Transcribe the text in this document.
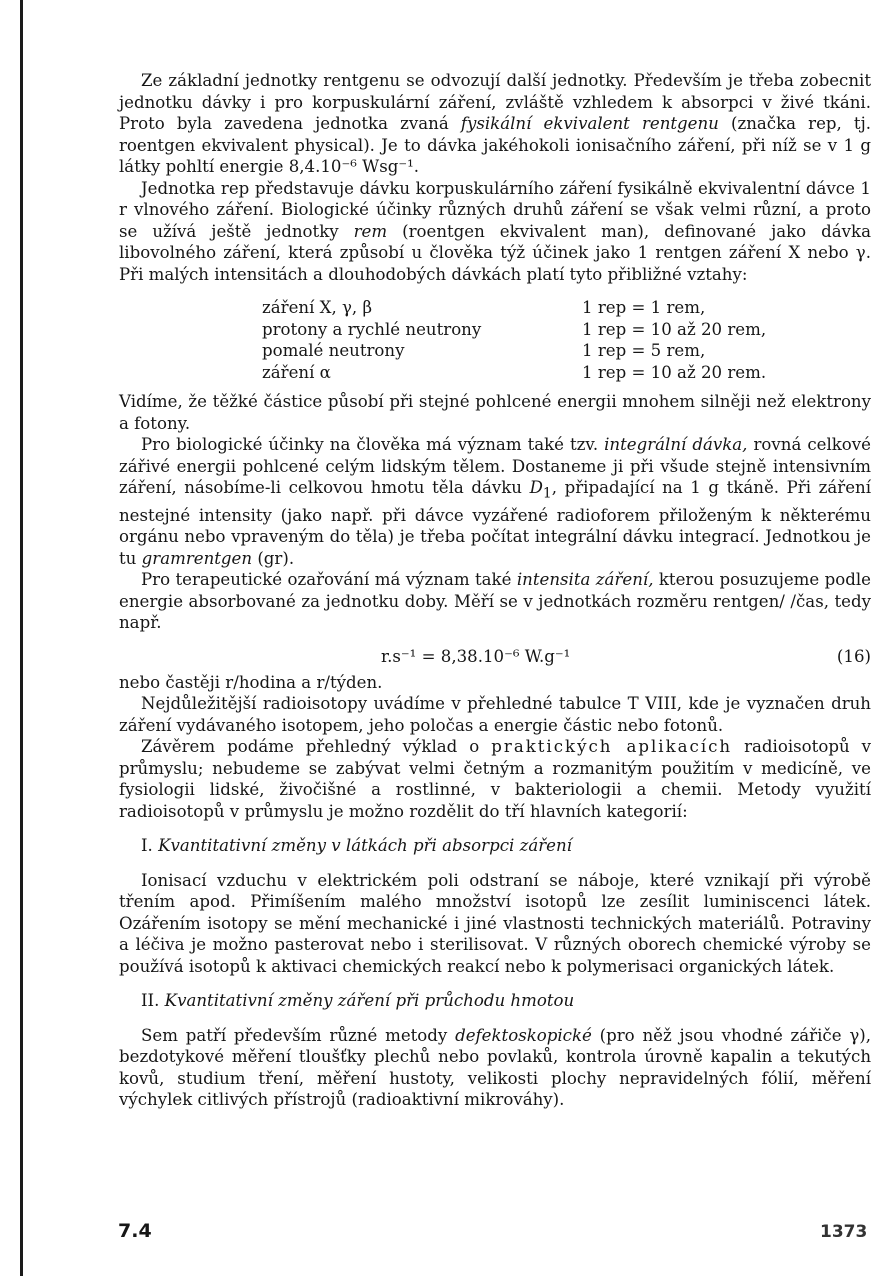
Ze základní jednotky rentgenu se odvozují další jednotky. Především je třeba zobecnit jednotku dávky i pro korpuskulární záření, zvláště vzhledem k absorpci v živé tkáni. Proto byla zavedena jednotka zvaná fysikální ekvivalent rentgenu (značka rep, tj. roentgen ekvivalent physical). Je to dávka jakéhokoli ionisačního záření, při níž se v 1 g látky pohltí energie 8,4.10⁻⁶ Wsg⁻¹.

Jednotka rep představuje dávku korpuskulárního záření fysikálně ekvivalentní dávce 1 r vlnového záření. Biologické účinky různých druhů záření se však velmi různí, a proto se užívá ještě jednotky rem (roentgen ekvivalent man), definované jako dávka libovolného záření, která způsobí u člověka týž účinek jako 1 rentgen záření X nebo γ. Při malých intensitách a dlouhodobých dávkách platí tyto přibližné vztahy:

záření X, γ, β	1 rep = 1 rem,
protony a rychlé neutrony	1 rep = 10 až 20 rem,
pomalé neutrony	1 rep = 5 rem,
záření α	1 rep = 10 až 20 rem.

Vidíme, že těžké částice působí při stejné pohlcené energii mnohem silněji než elektrony a fotony.

Pro biologické účinky na člověka má význam také tzv. integrální dávka, rovná celkové zářivé energii pohlcené celým lidským tělem. Dostaneme ji při všude stejně intensivním záření, násobíme-li celkovou hmotu těla dávku $D_1$, připadající na 1 g tkáně. Při záření nestejné intensity (jako např. při dávce vyzářené radioforem přiloženým k některému orgánu nebo vpraveným do těla) je třeba počítat integrální dávku integrací. Jednotkou je tu gramrentgen (gr).

Pro terapeutické ozařování má význam také intensita záření, kterou posuzujeme podle energie absorbované za jednotku doby. Měří se v jednotkách rozměru rentgen/ /čas, tedy např.

r.s⁻¹ = 8,38.10⁻⁶ W.g⁻¹	(16)

nebo častěji r/hodina a r/týden.

Nejdůležitější radioisotopy uvádíme v přehledné tabulce T VIII, kde je vyznačen druh záření vydávaného isotopem, jeho poločas a energie částic nebo fotonů.

Závěrem podáme přehledný výklad o praktických aplikacích radioisotopů v průmyslu; nebudeme se zabývat velmi četným a rozmanitým použitím v medicíně, ve fysiologii lidské, živočišné a rostlinné, v bakteriologii a chemii. Metody využití radioisotopů v průmyslu je možno rozdělit do tří hlavních kategorií:

I. Kvantitativní změny v látkách při absorpci záření

Ionisací vzduchu v elektrickém poli odstraní se náboje, které vznikají při výrobě třením apod. Přimíšením malého množství isotopů lze zesílit luminiscenci látek. Ozářením isotopy se mění mechanické i jiné vlastnosti technických materiálů. Potraviny a léčiva je možno pasterovat nebo i sterilisovat. V různých oborech chemické výroby se používá isotopů k aktivaci chemických reakcí nebo k polymerisaci organických látek.

II. Kvantitativní změny záření při průchodu hmotou

Sem patří především různé metody defektoskopické (pro něž jsou vhodné zářiče γ), bezdotykové měření tloušťky plechů nebo povlaků, kontrola úrovně kapalin a tekutých kovů, studium tření, měření hustoty, velikosti plochy nepravidelných fólií, měření výchylek citlivých přístrojů (radioaktivní mikrováhy).

7.4	1373
